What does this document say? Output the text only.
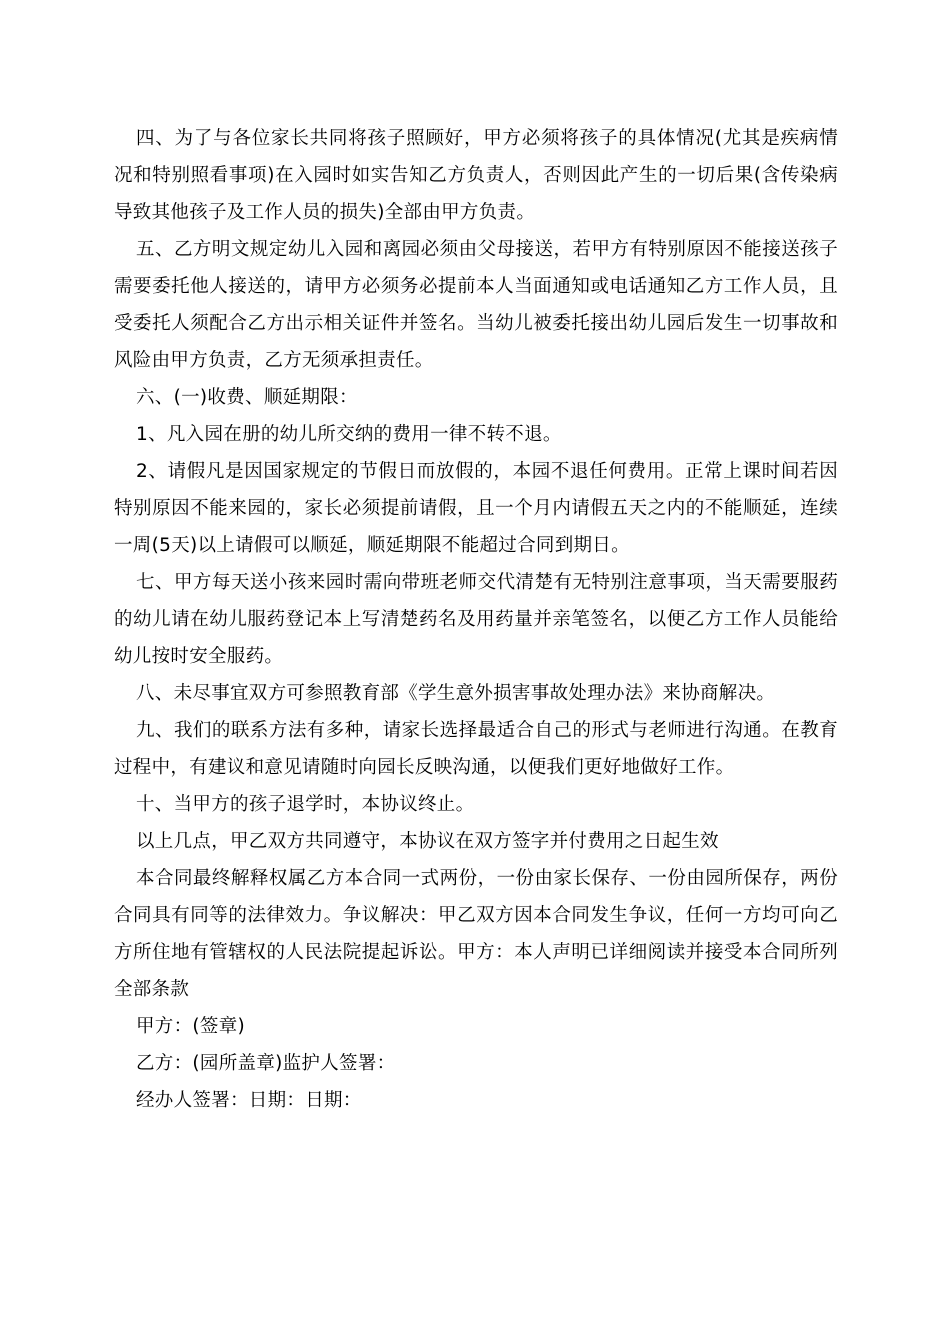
四、为了与各位家长共同将孩子照顾好，甲方必须将孩子的具体情况(尤其是疾病情况和特别照看事项)在入园时如实告知乙方负责人，否则因此产生的一切后果(含传染病导致其他孩子及工作人员的损失)全部由甲方负责。

五、乙方明文规定幼儿入园和离园必须由父母接送，若甲方有特别原因不能接送孩子需要委托他人接送的，请甲方必须务必提前本人当面通知或电话通知乙方工作人员，且受委托人须配合乙方出示相关证件并签名。当幼儿被委托接出幼儿园后发生一切事故和风险由甲方负责，乙方无须承担责任。

六、(一)收费、顺延期限：

1、凡入园在册的幼儿所交纳的费用一律不转不退。

2、请假凡是因国家规定的节假日而放假的，本园不退任何费用。正常上课时间若因特别原因不能来园的，家长必须提前请假，且一个月内请假五天之内的不能顺延，连续一周(5天)以上请假可以顺延，顺延期限不能超过合同到期日。

七、甲方每天送小孩来园时需向带班老师交代清楚有无特别注意事项，当天需要服药的幼儿请在幼儿服药登记本上写清楚药名及用药量并亲笔签名，以便乙方工作人员能给幼儿按时安全服药。

八、未尽事宜双方可参照教育部《学生意外损害事故处理办法》来协商解决。

九、我们的联系方法有多种，请家长选择最适合自己的形式与老师进行沟通。在教育过程中，有建议和意见请随时向园长反映沟通，以便我们更好地做好工作。

十、当甲方的孩子退学时，本协议终止。

以上几点，甲乙双方共同遵守，本协议在双方签字并付费用之日起生效

本合同最终解释权属乙方本合同一式两份，一份由家长保存、一份由园所保存，两份合同具有同等的法律效力。争议解决：甲乙双方因本合同发生争议，任何一方均可向乙方所住地有管辖权的人民法院提起诉讼。甲方：本人声明已详细阅读并接受本合同所列全部条款

甲方：(签章)

乙方：(园所盖章)监护人签署：

经办人签署：日期：日期：
